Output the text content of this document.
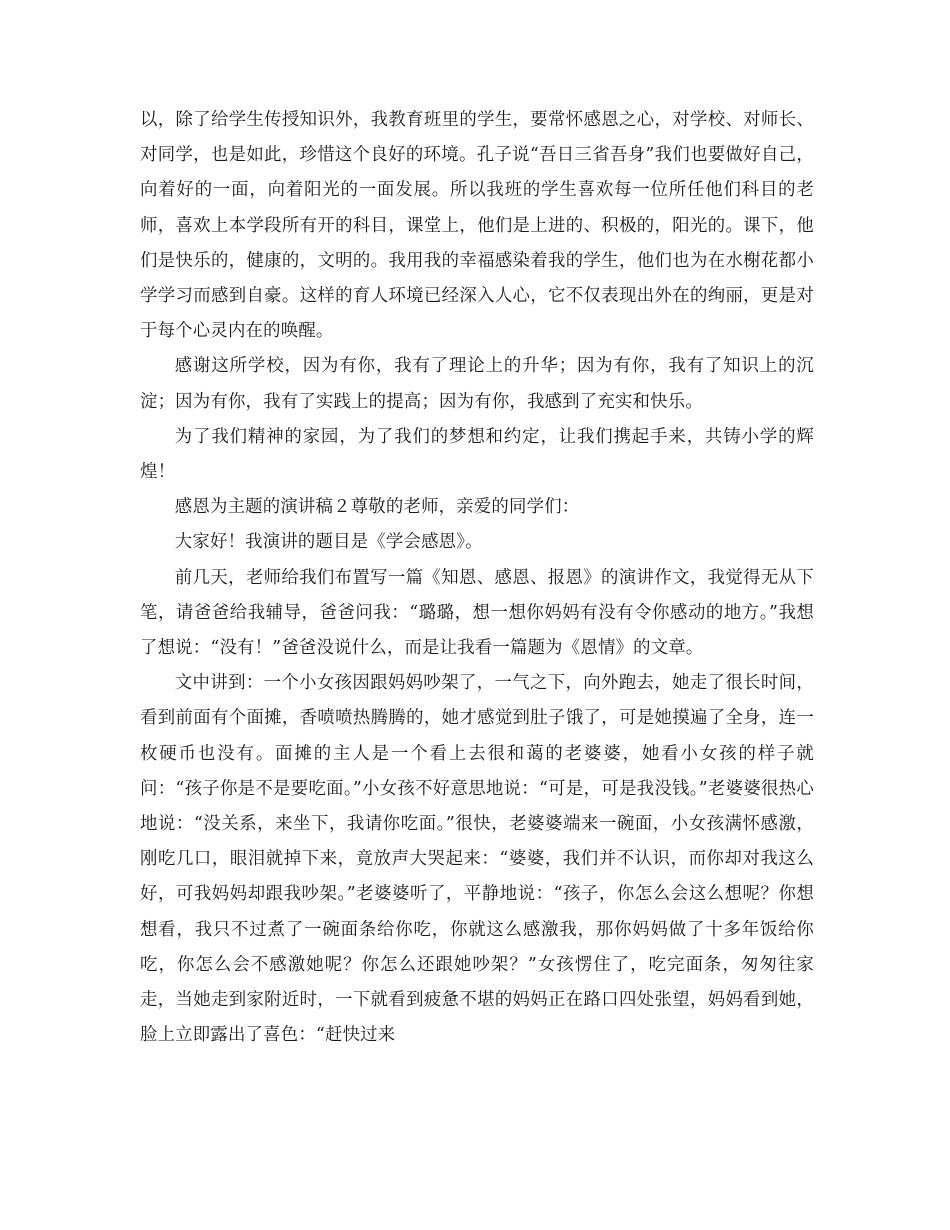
以，除了给学生传授知识外，我教育班里的学生，要常怀感恩之心，对学校、对师长、对同学，也是如此，珍惜这个良好的环境。孔子说“吾日三省吾身”我们也要做好自己，向着好的一面，向着阳光的一面发展。所以我班的学生喜欢每一位所任他们科目的老师，喜欢上本学段所有开的科目，课堂上，他们是上进的、积极的，阳光的。课下，他们是快乐的，健康的，文明的。我用我的幸福感染着我的学生，他们也为在水榭花都小学学习而感到自豪。这样的育人环境已经深入人心，它不仅表现出外在的绚丽，更是对于每个心灵内在的唤醒。

感谢这所学校，因为有你，我有了理论上的升华；因为有你，我有了知识上的沉淀；因为有你，我有了实践上的提高；因为有你，我感到了充实和快乐。

为了我们精神的家园，为了我们的梦想和约定，让我们携起手来，共铸小学的辉煌！

感恩为主题的演讲稿２尊敬的老师，亲爱的同学们：

大家好！我演讲的题目是《学会感恩》。

前几天，老师给我们布置写一篇《知恩、感恩、报恩》的演讲作文，我觉得无从下笔，请爸爸给我辅导，爸爸问我：“璐璐，想一想你妈妈有没有令你感动的地方。”我想了想说：“没有！”爸爸没说什么，而是让我看一篇题为《恩情》的文章。

文中讲到：一个小女孩因跟妈妈吵架了，一气之下，向外跑去，她走了很长时间，看到前面有个面摊，香喷喷热腾腾的，她才感觉到肚子饿了，可是她摸遍了全身，连一枚硬币也没有。面摊的主人是一个看上去很和蔼的老婆婆，她看小女孩的样子就问：“孩子你是不是要吃面。”小女孩不好意思地说：“可是，可是我没钱。”老婆婆很热心地说：“没关系，来坐下，我请你吃面。”很快，老婆婆端来一碗面，小女孩满怀感激，刚吃几口，眼泪就掉下来，竟放声大哭起来：“婆婆，我们并不认识，而你却对我这么好，可我妈妈却跟我吵架。”老婆婆听了，平静地说：“孩子，你怎么会这么想呢？你想想看，我只不过煮了一碗面条给你吃，你就这么感激我，那你妈妈做了十多年饭给你吃，你怎么会不感激她呢？你怎么还跟她吵架？”女孩愣住了，吃完面条，匆匆往家走，当她走到家附近时，一下就看到疲惫不堪的妈妈正在路口四处张望，妈妈看到她，脸上立即露出了喜色：“赶快过来
